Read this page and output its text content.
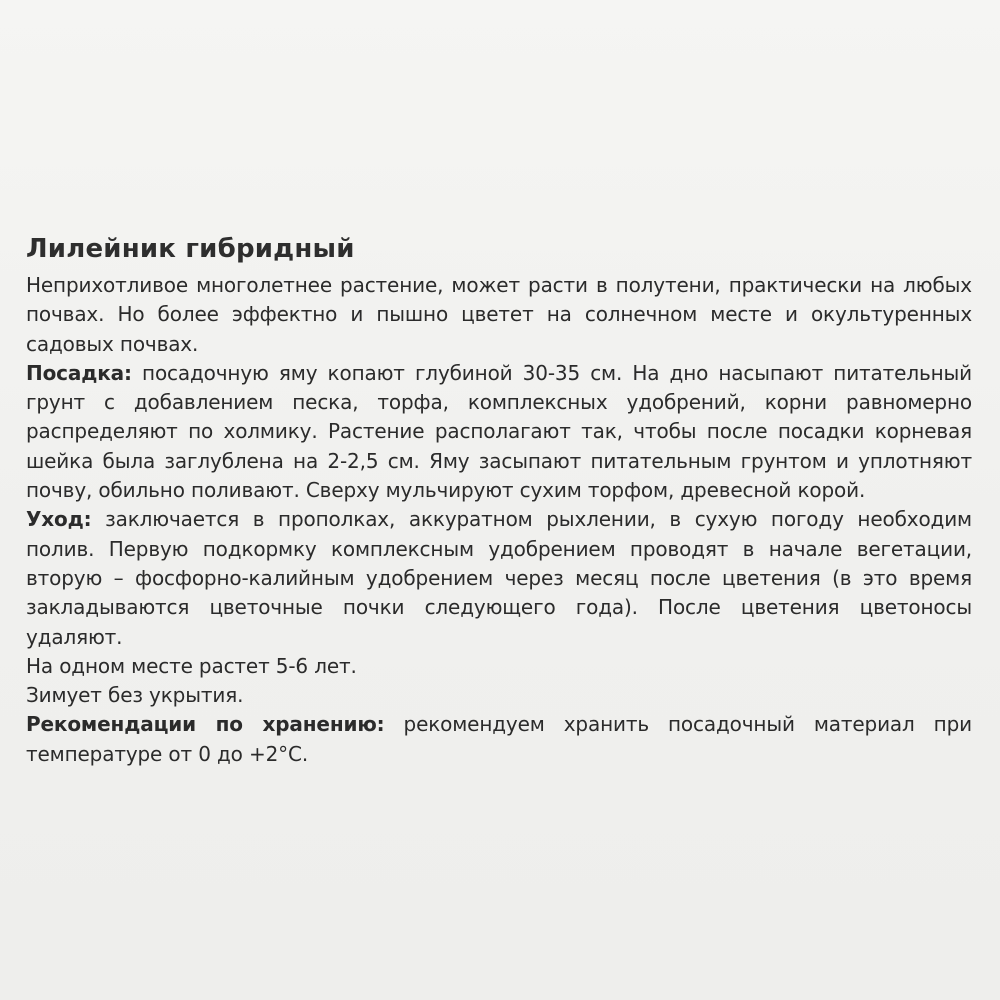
Лилейник гибридный

Неприхотливое многолетнее растение, может расти в полутени, практически на любых почвах. Но более эффектно и пышно цветет на солнечном месте и окультуренных садовых почвах.

Посадка: посадочную яму копают глубиной 30-35 см. На дно насыпают питательный грунт с добавлением песка, торфа, комплексных удобрений, корни равномерно распределяют по холмику. Растение располагают так, чтобы после посадки корневая шейка была заглублена на 2-2,5 см. Яму засыпают питательным грунтом и уплотняют почву, обильно поливают. Сверху мульчируют сухим торфом, древесной корой.

Уход: заключается в прополках, аккуратном рыхлении, в сухую погоду необходим полив. Первую подкормку комплексным удобрением проводят в начале вегетации, вторую – фосфорно-калийным удобрением через месяц после цветения (в это время закладываются цветочные почки следующего года). После цветения цветоносы удаляют.

На одном месте растет 5-6 лет.

Зимует без укрытия.

Рекомендации по хранению: рекомендуем хранить посадочный материал при температуре от 0 до +2°С.
